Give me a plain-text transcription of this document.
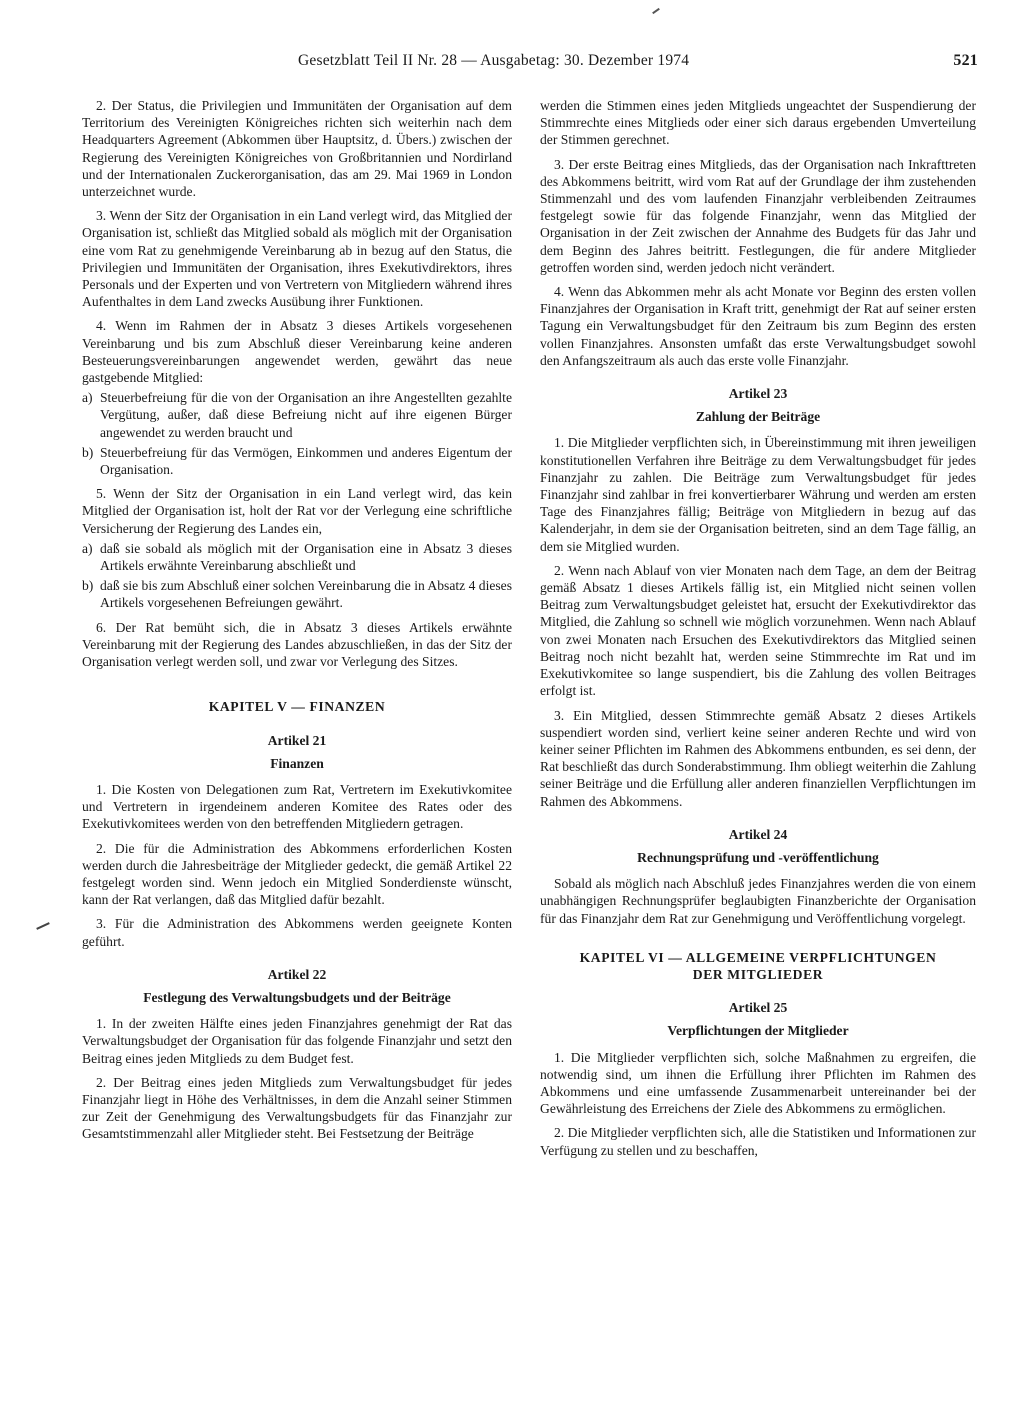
Gesetzblatt Teil II Nr. 28 — Ausgabetag: 30. Dezember 1974	521

2. Der Status, die Privilegien und Immunitäten der Organisation auf dem Territorium des Vereinigten Königreiches richten sich weiterhin nach dem Headquarters Agreement (Abkommen über Hauptsitz, d. Übers.) zwischen der Regierung des Vereinigten Königreiches von Großbritannien und Nordirland und der Internationalen Zuckerorganisation, das am 29. Mai 1969 in London unterzeichnet wurde.

3. Wenn der Sitz der Organisation in ein Land verlegt wird, das Mitglied der Organisation ist, schließt das Mitglied sobald als möglich mit der Organisation eine vom Rat zu genehmigende Vereinbarung ab in bezug auf den Status, die Privilegien und Immunitäten der Organisation, ihres Exekutivdirektors, ihres Personals und der Experten und von Vertretern von Mitgliedern während ihres Aufenthaltes in dem Land zwecks Ausübung ihrer Funktionen.

4. Wenn im Rahmen der in Absatz 3 dieses Artikels vorgesehenen Vereinbarung und bis zum Abschluß dieser Vereinbarung keine anderen Besteuerungsvereinbarungen angewendet werden, gewährt das neue gastgebende Mitglied:

a) Steuerbefreiung für die von der Organisation an ihre Angestellten gezahlte Vergütung, außer, daß diese Befreiung nicht auf ihre eigenen Bürger angewendet zu werden braucht und
b) Steuerbefreiung für das Vermögen, Einkommen und anderes Eigentum der Organisation.

5. Wenn der Sitz der Organisation in ein Land verlegt wird, das kein Mitglied der Organisation ist, holt der Rat vor der Verlegung eine schriftliche Versicherung der Regierung des Landes ein,

a) daß sie sobald als möglich mit der Organisation eine in Absatz 3 dieses Artikels erwähnte Vereinbarung abschließt und
b) daß sie bis zum Abschluß einer solchen Vereinbarung die in Absatz 4 dieses Artikels vorgesehenen Befreiungen gewährt.

6. Der Rat bemüht sich, die in Absatz 3 dieses Artikels erwähnte Vereinbarung mit der Regierung des Landes abzuschließen, in das der Sitz der Organisation verlegt werden soll, und zwar vor Verlegung des Sitzes.

KAPITEL V — FINANZEN
Artikel 21
Finanzen

1. Die Kosten von Delegationen zum Rat, Vertretern im Exekutivkomitee und Vertretern in irgendeinem anderen Komitee des Rates oder des Exekutivkomitees werden von den betreffenden Mitgliedern getragen.

2. Die für die Administration des Abkommens erforderlichen Kosten werden durch die Jahresbeiträge der Mitglieder gedeckt, die gemäß Artikel 22 festgelegt worden sind. Wenn jedoch ein Mitglied Sonderdienste wünscht, kann der Rat verlangen, daß das Mitglied dafür bezahlt.

3. Für die Administration des Abkommens werden geeignete Konten geführt.

Artikel 22
Festlegung des Verwaltungsbudgets und der Beiträge

1. In der zweiten Hälfte eines jeden Finanzjahres genehmigt der Rat das Verwaltungsbudget der Organisation für das folgende Finanzjahr und setzt den Beitrag eines jeden Mitglieds zu dem Budget fest.

2. Der Beitrag eines jeden Mitglieds zum Verwaltungsbudget für jedes Finanzjahr liegt in Höhe des Verhältnisses, in dem die Anzahl seiner Stimmen zur Zeit der Genehmigung des Verwaltungsbudgets für das Finanzjahr zur Gesamtstimmenzahl aller Mitglieder steht. Bei Festsetzung der Beiträge

werden die Stimmen eines jeden Mitglieds ungeachtet der Suspendierung der Stimmrechte eines Mitglieds oder einer sich daraus ergebenden Umverteilung der Stimmen gerechnet.

3. Der erste Beitrag eines Mitglieds, das der Organisation nach Inkrafttreten des Abkommens beitritt, wird vom Rat auf der Grundlage der ihm zustehenden Stimmenzahl und des vom laufenden Finanzjahr verbleibenden Zeitraumes festgelegt sowie für das folgende Finanzjahr, wenn das Mitglied der Organisation in der Zeit zwischen der Annahme des Budgets für das Jahr und dem Beginn des Jahres beitritt. Festlegungen, die für andere Mitglieder getroffen worden sind, werden jedoch nicht verändert.

4. Wenn das Abkommen mehr als acht Monate vor Beginn des ersten vollen Finanzjahres der Organisation in Kraft tritt, genehmigt der Rat auf seiner ersten Tagung ein Verwaltungsbudget für den Zeitraum bis zum Beginn des ersten vollen Finanzjahres. Ansonsten umfaßt das erste Verwaltungsbudget sowohl den Anfangszeitraum als auch das erste volle Finanzjahr.

Artikel 23
Zahlung der Beiträge

1. Die Mitglieder verpflichten sich, in Übereinstimmung mit ihren jeweiligen konstitutionellen Verfahren ihre Beiträge zu dem Verwaltungsbudget für jedes Finanzjahr zu zahlen. Die Beiträge zum Verwaltungsbudget für jedes Finanzjahr sind zahlbar in frei konvertierbarer Währung und werden am ersten Tage des Finanzjahres fällig; Beiträge von Mitgliedern in bezug auf das Kalenderjahr, in dem sie der Organisation beitreten, sind an dem Tage fällig, an dem sie Mitglied wurden.

2. Wenn nach Ablauf von vier Monaten nach dem Tage, an dem der Beitrag gemäß Absatz 1 dieses Artikels fällig ist, ein Mitglied nicht seinen vollen Beitrag zum Verwaltungsbudget geleistet hat, ersucht der Exekutivdirektor das Mitglied, die Zahlung so schnell wie möglich vorzunehmen. Wenn nach Ablauf von zwei Monaten nach Ersuchen des Exekutivdirektors das Mitglied seinen Beitrag noch nicht bezahlt hat, werden seine Stimmrechte im Rat und im Exekutivkomitee so lange suspendiert, bis die Zahlung des vollen Beitrages erfolgt ist.

3. Ein Mitglied, dessen Stimmrechte gemäß Absatz 2 dieses Artikels suspendiert worden sind, verliert keine seiner anderen Rechte und wird von keiner seiner Pflichten im Rahmen des Abkommens entbunden, es sei denn, der Rat beschließt das durch Sonderabstimmung. Ihm obliegt weiterhin die Zahlung seiner Beiträge und die Erfüllung aller anderen finanziellen Verpflichtungen im Rahmen des Abkommens.

Artikel 24
Rechnungsprüfung und -veröffentlichung

Sobald als möglich nach Abschluß jedes Finanzjahres werden die von einem unabhängigen Rechnungsprüfer beglaubigten Finanzberichte der Organisation für das Finanzjahr dem Rat zur Genehmigung und Veröffentlichung vorgelegt.

KAPITEL VI — ALLGEMEINE VERPFLICHTUNGEN
DER MITGLIEDER
Artikel 25
Verpflichtungen der Mitglieder

1. Die Mitglieder verpflichten sich, solche Maßnahmen zu ergreifen, die notwendig sind, um ihnen die Erfüllung ihrer Pflichten im Rahmen des Abkommens und eine umfassende Zusammenarbeit untereinander bei der Gewährleistung des Erreichens der Ziele des Abkommens zu ermöglichen.

2. Die Mitglieder verpflichten sich, alle die Statistiken und Informationen zur Verfügung zu stellen und zu beschaffen,
